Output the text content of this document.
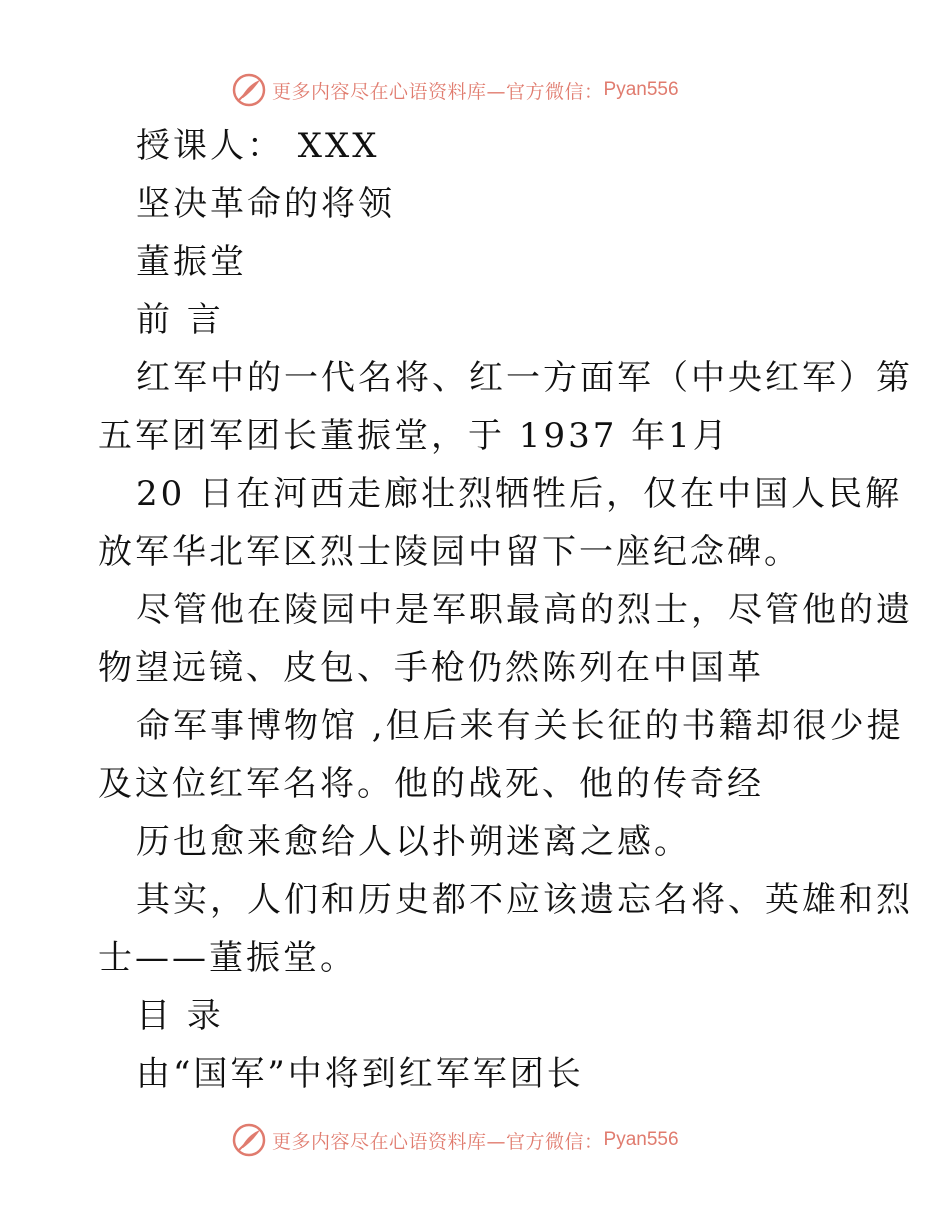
更多内容尽在心语资料库—官方微信： Pyan556
授课人： XXX
坚决革命的将领
董振堂
前 言
红军中的一代名将、红一方面军（中央红军）第
五军团军团长董振堂，于 1937 年1月
20 日在河西走廊壮烈牺牲后，仅在中国人民解
放军华北军区烈士陵园中留下一座纪念碑。
尽管他在陵园中是军职最高的烈士，尽管他的遗
物望远镜、皮包、手枪仍然陈列在中国革
命军事博物馆 ,但后来有关长征的书籍却很少提
及这位红军名将。他的战死、他的传奇经
历也愈来愈给人以扑朔迷离之感。
其实，人们和历史都不应该遗忘名将、英雄和烈
士——董振堂。
目 录
由“国军”中将到红军军团长
更多内容尽在心语资料库—官方微信： Pyan556
